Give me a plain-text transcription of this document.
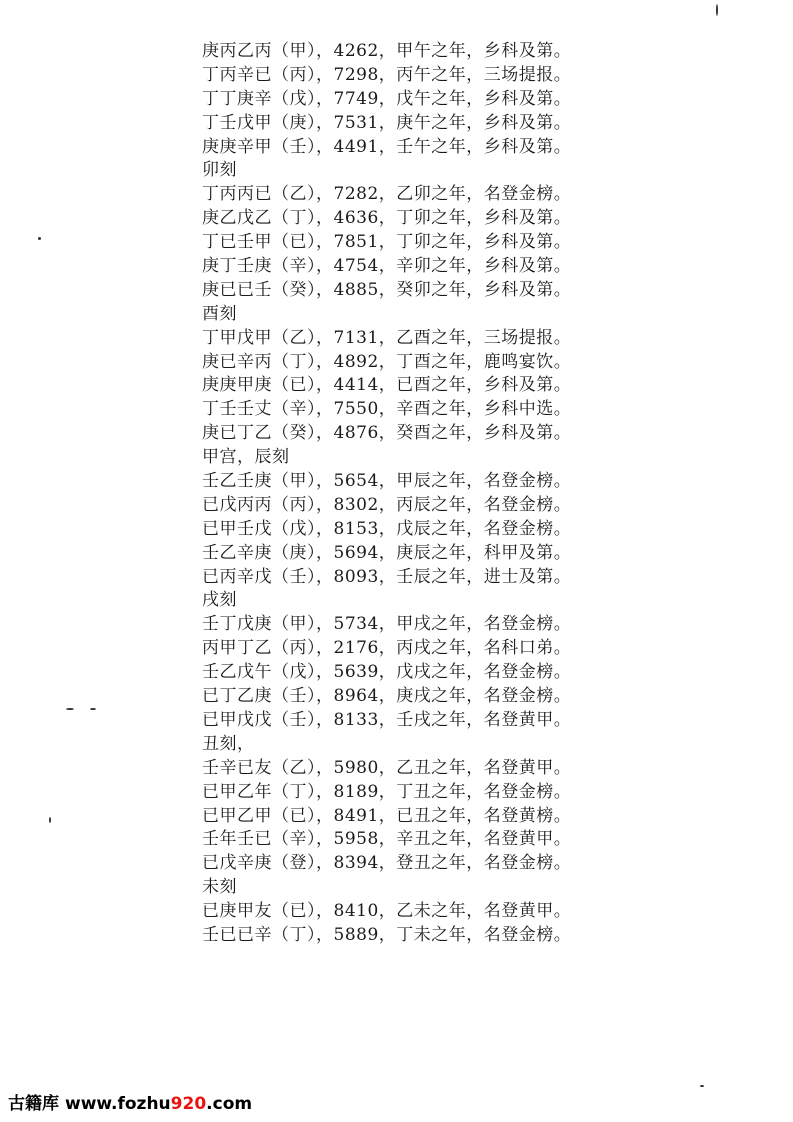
庚丙乙丙（甲），4262，甲午之年，乡科及第。
丁丙辛已（丙），7298，丙午之年，三场提报。
丁丁庚辛（戊），7749，戊午之年，乡科及第。
丁壬戊甲（庚），7531，庚午之年，乡科及第。
庚庚辛甲（壬），4491，壬午之年，乡科及第。
卯刻
丁丙丙已（乙），7282，乙卯之年，名登金榜。
庚乙戊乙（丁），4636，丁卯之年，乡科及第。
丁已壬甲（已），7851，丁卯之年，乡科及第。
庚丁壬庚（辛），4754，辛卯之年，乡科及第。
庚已已壬（癸），4885，癸卯之年，乡科及第。
酉刻
丁甲戊甲（乙），7131，乙酉之年，三场提报。
庚已辛丙（丁），4892，丁酉之年，鹿鸣宴饮。
庚庚甲庚（已），4414，已酉之年，乡科及第。
丁壬壬丈（辛），7550，辛酉之年，乡科中选。
庚已丁乙（癸），4876，癸酉之年，乡科及第。
甲宫，辰刻
壬乙壬庚（甲），5654，甲辰之年，名登金榜。
已戊丙丙（丙），8302，丙辰之年，名登金榜。
已甲壬戊（戊），8153，戊辰之年，名登金榜。
壬乙辛庚（庚），5694，庚辰之年，科甲及第。
已丙辛戊（壬），8093，壬辰之年，进士及第。
戌刻
壬丁戊庚（甲），5734，甲戌之年，名登金榜。
丙甲丁乙（丙），2176，丙戌之年，名科口弟。
壬乙戊午（戊），5639，戊戌之年，名登金榜。
已丁乙庚（壬），8964，庚戌之年，名登金榜。
已甲戊戊（壬），8133，壬戌之年，名登黄甲。
丑刻，
壬辛已友（乙），5980，乙丑之年，名登黄甲。
已甲乙年（丁），8189，丁丑之年，名登金榜。
已甲乙甲（已），8491，已丑之年，名登黄榜。
壬年壬已（辛），5958，辛丑之年，名登黄甲。
已戊辛庚（登），8394，登丑之年，名登金榜。
未刻
已庚甲友（已），8410，乙未之年，名登黄甲。
壬已已辛（丁），5889，丁未之年，名登金榜。
古籍库 www.fozhu920.com
